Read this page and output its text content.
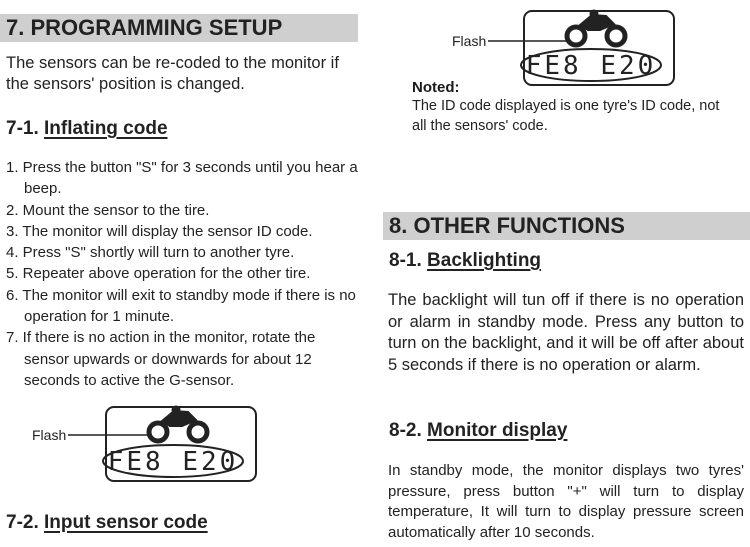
7. PROGRAMMING SETUP
The sensors can be re-coded to the monitor if the sensors' position is changed.
7-1. Inflating code
1. Press the button "S" for 3 seconds until you hear a beep.
2. Mount the sensor to the tire.
3. The monitor will display the sensor ID code.
4. Press "S" shortly will turn to another tyre.
5. Repeater above operation for the other tire.
6. The monitor will exit to standby mode if there is no operation for 1 minute.
7. If there is no action in the monitor, rotate the sensor upwards or downwards for about 12 seconds to active the G-sensor.
Flash
FE8 E20
7-2. Input sensor code
Flash
FE8 E20
Noted:
The ID code displayed is one tyre's ID code, not all the sensors' code.
8. OTHER FUNCTIONS
8-1. Backlighting
The backlight will tun off if there is no operation or alarm in standby mode. Press any button to turn on the backlight, and it will be off after about 5 seconds if there is no operation or alarm.
8-2. Monitor display
In standby mode, the monitor displays two tyres' pressure, press button "+" will turn to display temperature, It will turn to display pressure screen automatically after 10 seconds.
